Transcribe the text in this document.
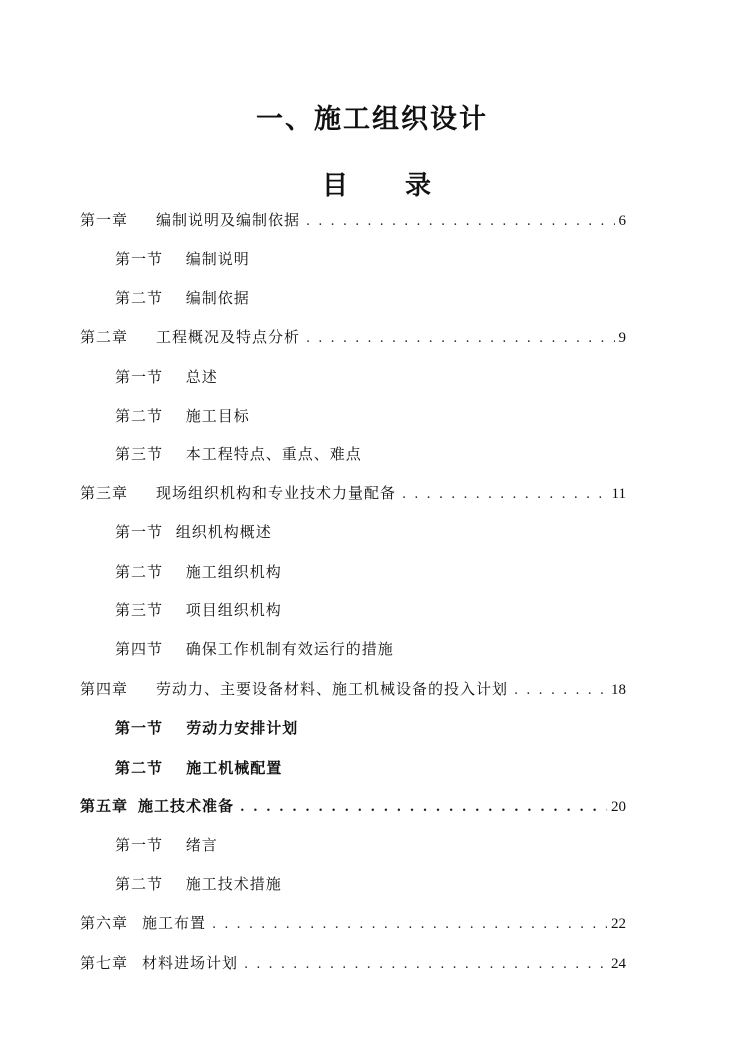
一、施工组织设计
目 录
第一章 编制说明及编制依据 . . .	6
第一节 编制说明
第二节 编制依据
第二章 工程概况及特点分析 . . .	9
第一节 总述
第二节 施工目标
第三节 本工程特点、重点、难点
第三章 现场组织机构和专业技术力量配备 . . .	11
第一节 组织机构概述
第二节 施工组织机构
第三节 项目组织机构
第四节 确保工作机制有效运行的措施
第四章 劳动力、主要设备材料、施工机械设备的投入计划 . . .	18
第一节 劳动力安排计划
第二节 施工机械配置
第五章 施工技术准备 . . .	20
第一节 绪言
第二节 施工技术措施
第六章 施工布置 . . .	22
第七章 材料进场计划 . . .	24
